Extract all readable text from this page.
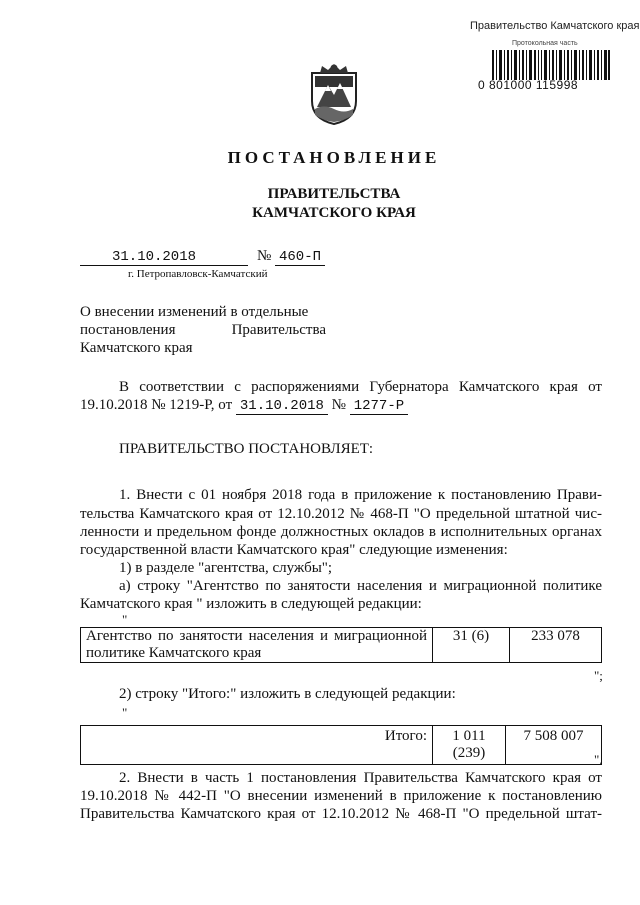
Правительство Камчатского края
Протокольная часть
0 801000 115998
ПОСТАНОВЛЕНИЕ
ПРАВИТЕЛЬСТВА
КАМЧАТСКОГО КРАЯ
31.10.2018	№ 460-П
г. Петропавловск-Камчатский
О внесении изменений в отдельные
постановления	Правительства
Камчатского края
В соответствии с распоряжениями Губернатора Камчатского края от
19.10.2018 № 1219-Р, от 31.10.2018 № 1277-Р
ПРАВИТЕЛЬСТВО ПОСТАНОВЛЯЕТ:
1. Внести с 01 ноября 2018 года в приложение к постановлению Прави-
тельства Камчатского края от 12.10.2012 № 468-П "О предельной штатной чис-
ленности и предельном фонде должностных окладов в исполнительных органах
государственной власти Камчатского края" следующие изменения:
1) в разделе "агентства, службы";
а) строку "Агентство по занятости населения и миграционной политике
Камчатского края " изложить в следующей редакции:
"
Агентство по занятости населения и миграционной
политике Камчатского края
	31 (6)	233 078
";
2) строку "Итого:" изложить в следующей редакции:
"
Итого:	1 011 (239)	7 508 007
".
2. Внести в часть 1 постановления Правительства Камчатского края от
19.10.2018 № 442-П "О внесении изменений в приложение к постановлению
Правительства Камчатского края от 12.10.2012 № 468-П "О предельной штат-
